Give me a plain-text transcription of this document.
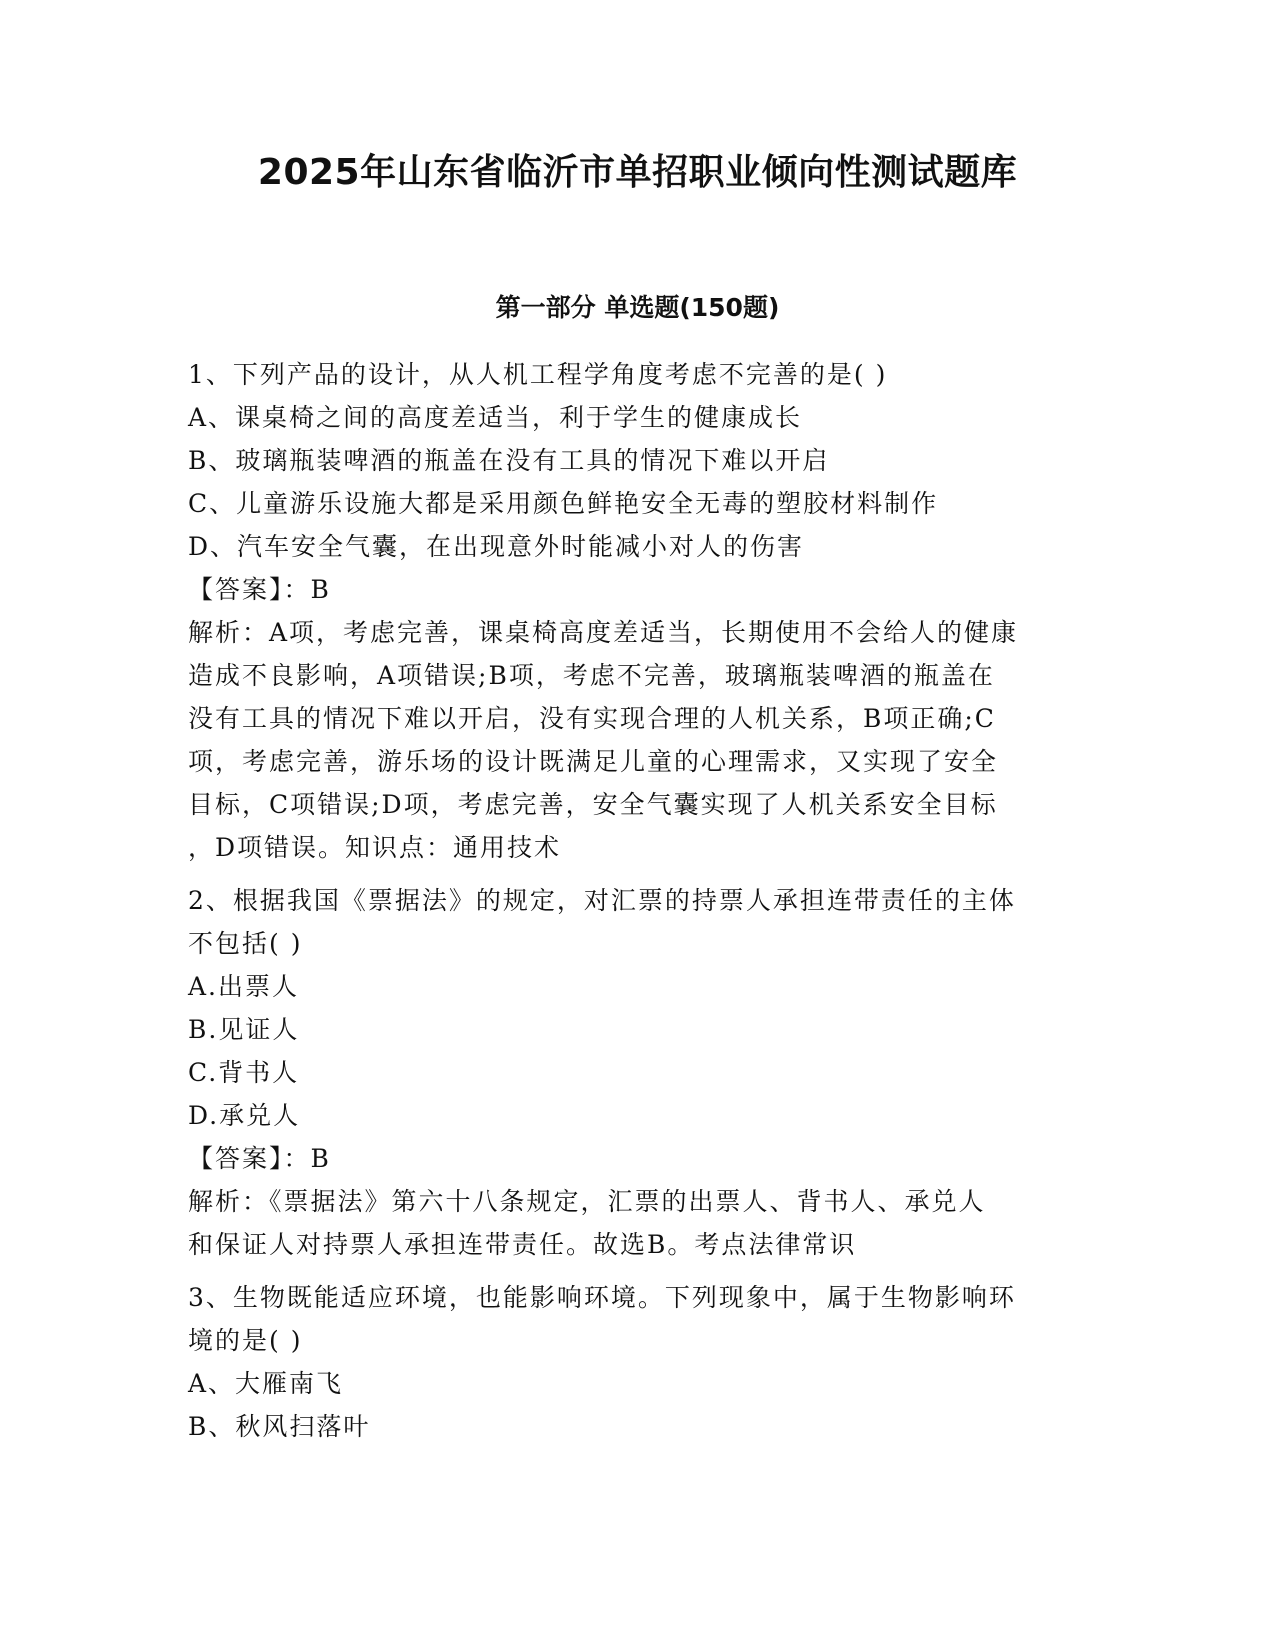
2025年山东省临沂市单招职业倾向性测试题库
第一部分 单选题(150题)
1、下列产品的设计，从人机工程学角度考虑不完善的是( )
A、课桌椅之间的高度差适当，利于学生的健康成长
B、玻璃瓶装啤酒的瓶盖在没有工具的情况下难以开启
C、儿童游乐设施大都是采用颜色鲜艳安全无毒的塑胶材料制作
D、汽车安全气囊，在出现意外时能减小对人的伤害
【答案】：B
解析：A项，考虑完善，课桌椅高度差适当，长期使用不会给人的健康
造成不良影响，A项错误;B项，考虑不完善，玻璃瓶装啤酒的瓶盖在
没有工具的情况下难以开启，没有实现合理的人机关系，B项正确;C
项，考虑完善，游乐场的设计既满足儿童的心理需求，又实现了安全
目标，C项错误;D项，考虑完善，安全气囊实现了人机关系安全目标
，D项错误。知识点：通用技术
2、根据我国《票据法》的规定，对汇票的持票人承担连带责任的主体
不包括( )
A.出票人
B.见证人
C.背书人
D.承兑人
【答案】：B
解析：《票据法》第六十八条规定，汇票的出票人、背书人、承兑人
和保证人对持票人承担连带责任。故选B。考点法律常识
3、生物既能适应环境，也能影响环境。下列现象中，属于生物影响环
境的是( )
A、大雁南飞
B、秋风扫落叶
